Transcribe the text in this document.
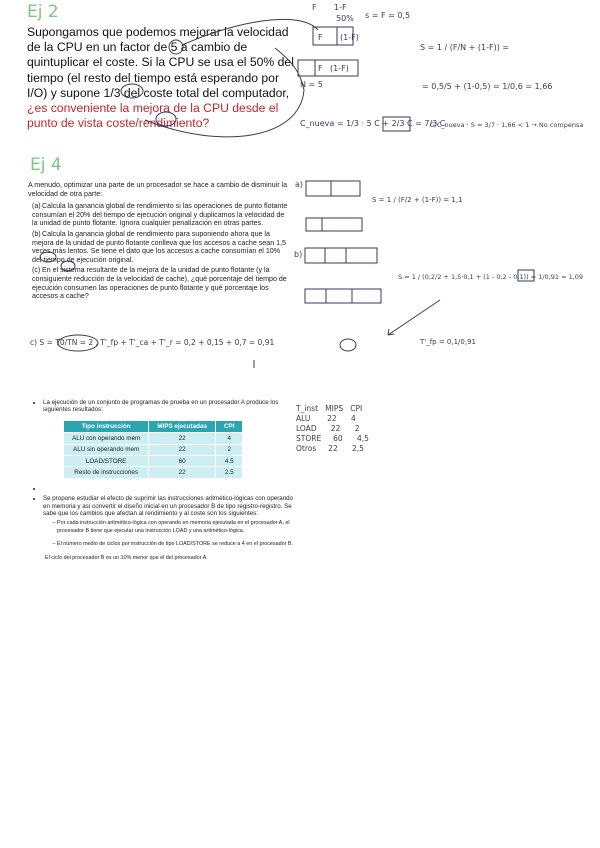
Ej 2
Supongamos que podemos mejorar la velocidad de la CPU en un factor de 5 a cambio de quintuplicar el coste. Si la CPU se usa el 50% del tiempo (el resto del tiempo está esperando por I/O) y supone 1/3 del coste total del computador, ¿es conveniente la mejora de la CPU desde el punto de vista coste/rendimiento?
Ej 4

A menudo, optimizar una parte de un procesador se hace a cambio de disminuir la velocidad de otra parte:

(a)Calcula la ganancia global de rendimiento si las operaciones de punto flotante consumían el 20% del tiempo de ejecución original y duplicamos la velocidad de la unidad de punto flotante. Ignora cualquier penalización en otras partes.
(b)Calcula la ganancia global de rendimiento para suponiendo ahora que la mejora de la unidad de punto flotante conlleva que los accesos a cache sean 1,5 veces más lentos. Se tiene el dato que los accesos a cache consumían el 10% del tiempo de ejecución original.
(c) En el sistema resultante de la mejora de la unidad de punto flotante (y la consiguiente reducción de la velocidad de cache), ¿qué porcentaje del tiempo de ejecución consumen las operaciones de punto flotante y qué porcentaje los accesos a cache?
• La ejecución de un conjunto de programas de prueba en un procesador A produce los siguientes resultados:
Tipo instrucción	MIPS ejecutadas	CPI
ALU con operando mem	22	4
ALU sin operando mem	22	2
LOAD/STORE	60	4.5
Resto de instrucciones	22	2.5
•
• Se propone estudiar el efecto de suprimir las instrucciones aritmético-lógicas con operando en memoria y así convertir el diseño inicial en un procesador B de tipo registro-registro. Se sabe que los cambios que afectan al rendimiento y al coste son los siguientes:
– Por cada instrucción aritmético-lógica con operando en memoria ejecutada en el procesador A, el procesador B tiene que ejecutar una instrucción LOAD y una aritmético-lógica.
– El número medio de ciclos por instrucción de tipo LOAD/STORE se reduce a 4 en el procesador B.
El ciclo del procesador B es un 10% menor que el del procesador A.
F 1-F
50% s = F = 0,5
F (1-F)
F (1-F)
N = 5
S = 1 / (F/N + (1-F)) =
= 0,5/5 + (1-0,5) = 1/0,6 = 1,66
C_nueva = 1/3 · 5 C + 2/3 C = 7/3 C
C/C_nueva · S = 3/7 · 1,66 < 1 → No compensa
a)
S = 1 / (F/2 + (1-F)) = 1,1
b)
S = 1 / (0,2/2 + 1,5·0,1 + (1 - 0,2 - 0,1)) = 1/0,91 = 1,09
c) S = T0/TN = 2 , T'_fp + T'_ca + T'_r = 0,2 + 0,15 + 0,7 = 0,91	T'_fp = 0,1/0,91
T_inst   MIPS   CPI
ALU       22      4
LOAD      22      2
STORE     60      4,5
Otros     22      2,5
